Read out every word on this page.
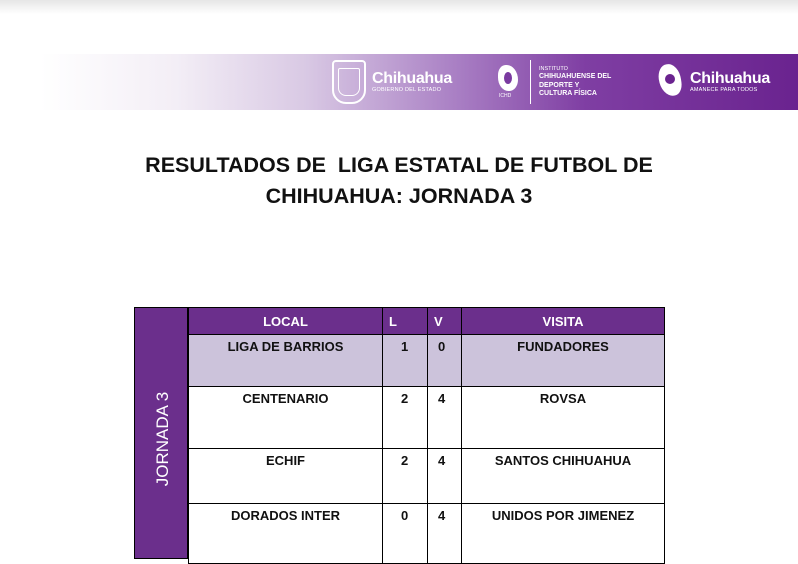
Chihuahua
GOBIERNO DEL ESTADO
ICHD
INSTITUTO
CHIHUAHUENSE DEL
DEPORTE Y
CULTURA FÍSICA
Chihuahua
AMANECE PARA TODOS
RESULTADOS DE  LIGA ESTATAL DE FUTBOL DE
CHIHUAHUA: JORNADA 3
JORNADA 3
LOCAL	L	V	VISITA
LIGA DE BARRIOS	1	0	FUNDADORES
CENTENARIO	2	4	ROVSA
ECHIF	2	4	SANTOS CHIHUAHUA
DORADOS INTER	0	4	UNIDOS POR JIMENEZ
